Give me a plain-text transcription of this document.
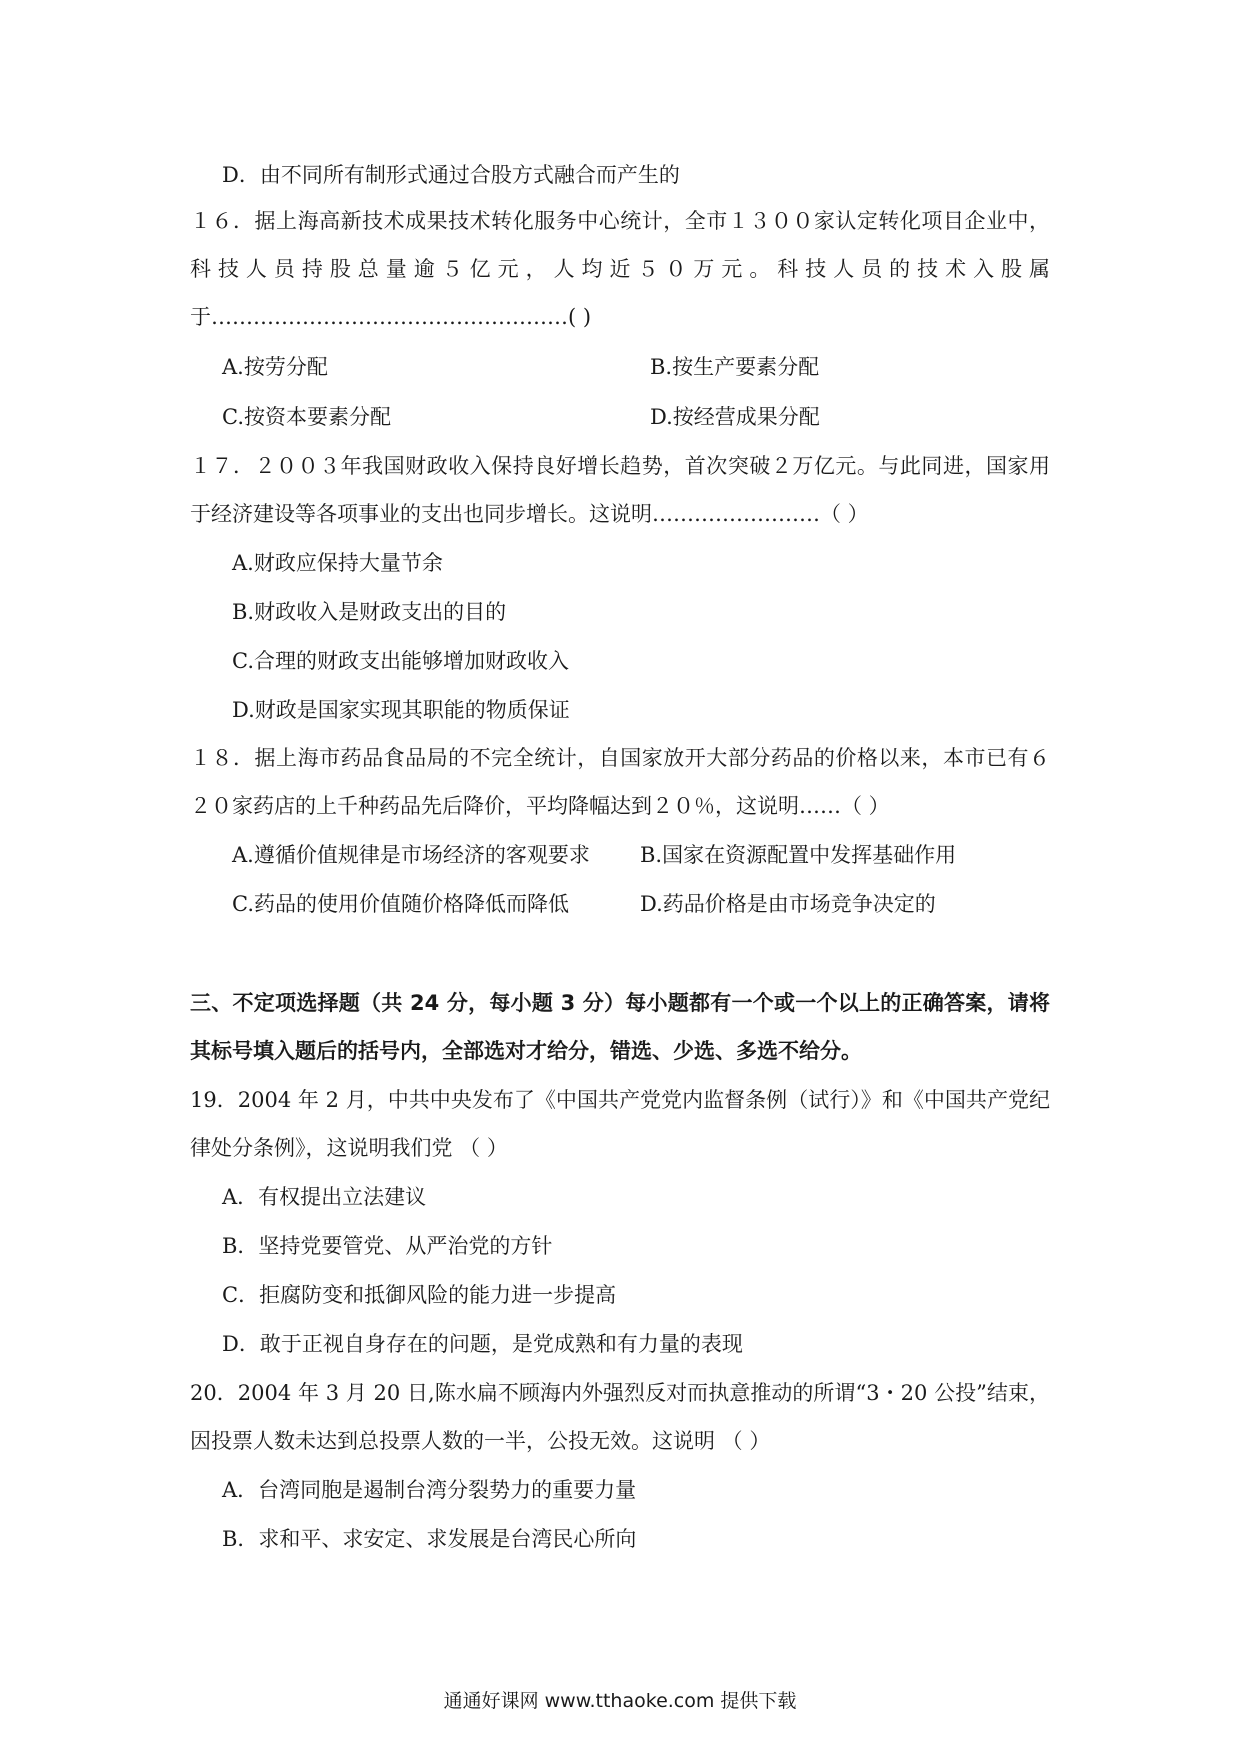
D．由不同所有制形式通过合股方式融合而产生的
１６．据上海高新技术成果技术转化服务中心统计，全市１３００家认定转化项目企业中，
科技人员持股总量逾５亿元，人均近５０万元。科技人员的技术入股属
于……………………………………………( )
A.按劳分配	B.按生产要素分配
C.按资本要素分配	D.按经营成果分配
１７．２００３年我国财政收入保持良好增长趋势，首次突破２万亿元。与此同进，国家用
于经济建设等各项事业的支出也同步增长。这说明……………………（ ）
A.财政应保持大量节余
B.财政收入是财政支出的目的
C.合理的财政支出能够增加财政收入
D.财政是国家实现其职能的物质保证
１８．据上海市药品食品局的不完全统计，自国家放开大部分药品的价格以来，本市已有６
２０家药店的上千种药品先后降价，平均降幅达到２０％，这说明……（ ）
A.遵循价值规律是市场经济的客观要求 B.国家在资源配置中发挥基础作用
C.药品的使用价值随价格降低而降低	D.药品价格是由市场竞争决定的
三、不定项选择题（共 24 分，每小题 3 分）每小题都有一个或一个以上的正确答案，请将
其标号填入题后的括号内，全部选对才给分，错选、少选、多选不给分。
19．2004 年 2 月，中共中央发布了《中国共产党党内监督条例（试行）》和《中国共产党纪
律处分条例》，这说明我们党 （ ）
A．有权提出立法建议
B．坚持党要管党、从严治党的方针
C．拒腐防变和抵御风险的能力进一步提高
D．敢于正视自身存在的问题，是党成熟和有力量的表现
20．2004 年 3 月 20 日,陈水扁不顾海内外强烈反对而执意推动的所谓“3・20 公投”结束，
因投票人数未达到总投票人数的一半，公投无效。这说明 （ ）
A．台湾同胞是遏制台湾分裂势力的重要力量
B．求和平、求安定、求发展是台湾民心所向
通通好课网 www.tthaoke.com 提供下载
